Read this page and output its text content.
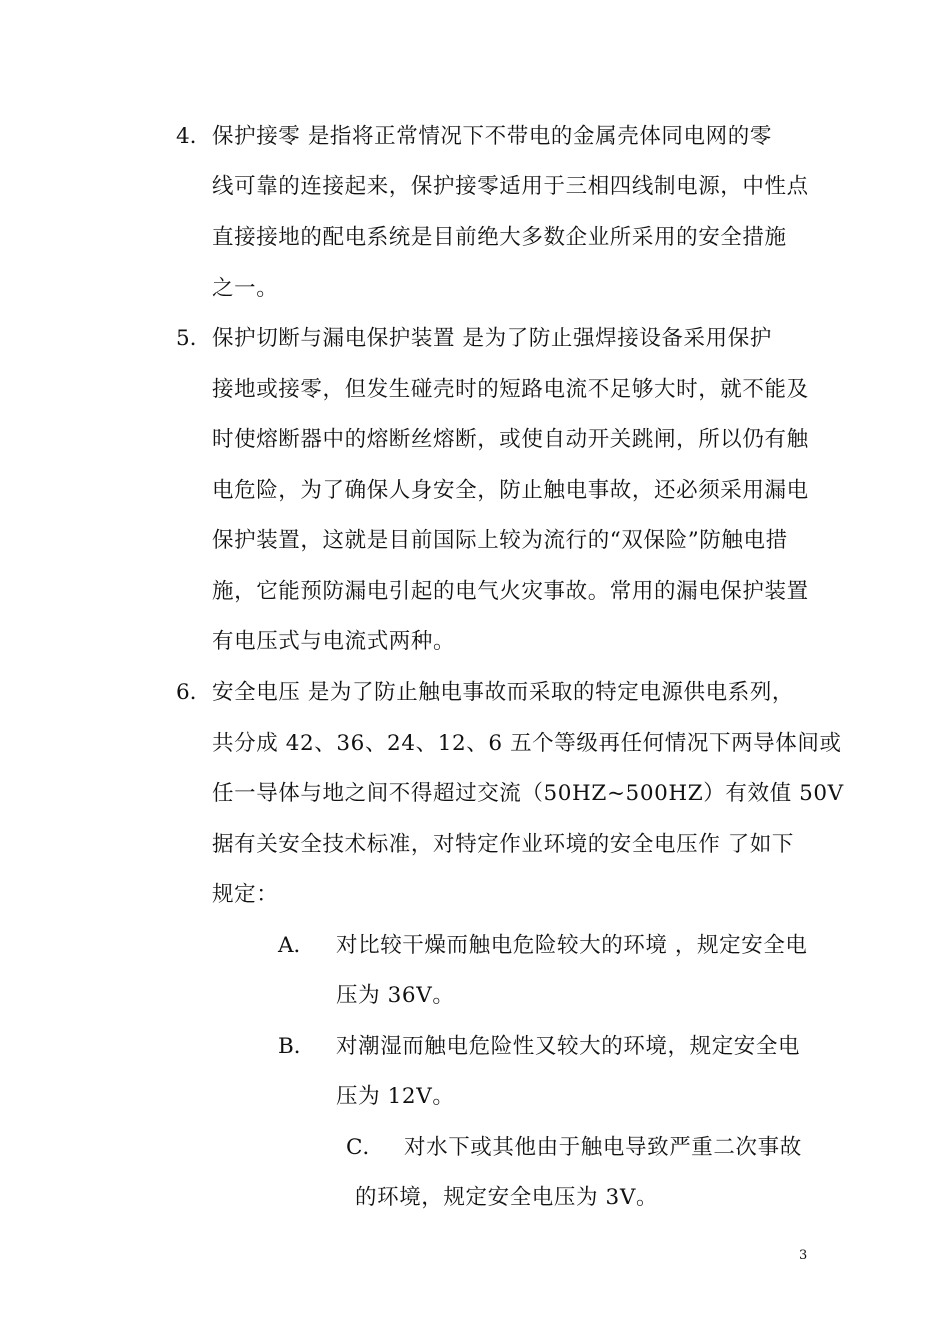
4. 保护接零 是指将正常情况下不带电的金属壳体同电网的零
线可靠的连接起来，保护接零适用于三相四线制电源，中性点
直接接地的配电系统是目前绝大多数企业所采用的安全措施
之一。
5. 保护切断与漏电保护装置 是为了防止强焊接设备采用保护
接地或接零，但发生碰壳时的短路电流不足够大时，就不能及
时使熔断器中的熔断丝熔断，或使自动开关跳闸，所以仍有触
电危险，为了确保人身安全，防止触电事故，还必须采用漏电
保护装置，这就是目前国际上较为流行的“双保险”防触电措
施，它能预防漏电引起的电气火灾事故。常用的漏电保护装置
有电压式与电流式两种。
6. 安全电压 是为了防止触电事故而采取的特定电源供电系列，
共分成 42、36、24、12、6 五个等级再任何情况下两导体间或
任一导体与地之间不得超过交流（50HZ~500HZ）有效值 50V
据有关安全技术标准，对特定作业环境的安全电压作 了如下
规定：
A． 对比较干燥而触电危险较大的环境 ，规定安全电
压为 36V。
B． 对潮湿而触电危险性又较大的环境，规定安全电
压为 12V。
C． 对水下或其他由于触电导致严重二次事故
的环境，规定安全电压为 3V。
3
